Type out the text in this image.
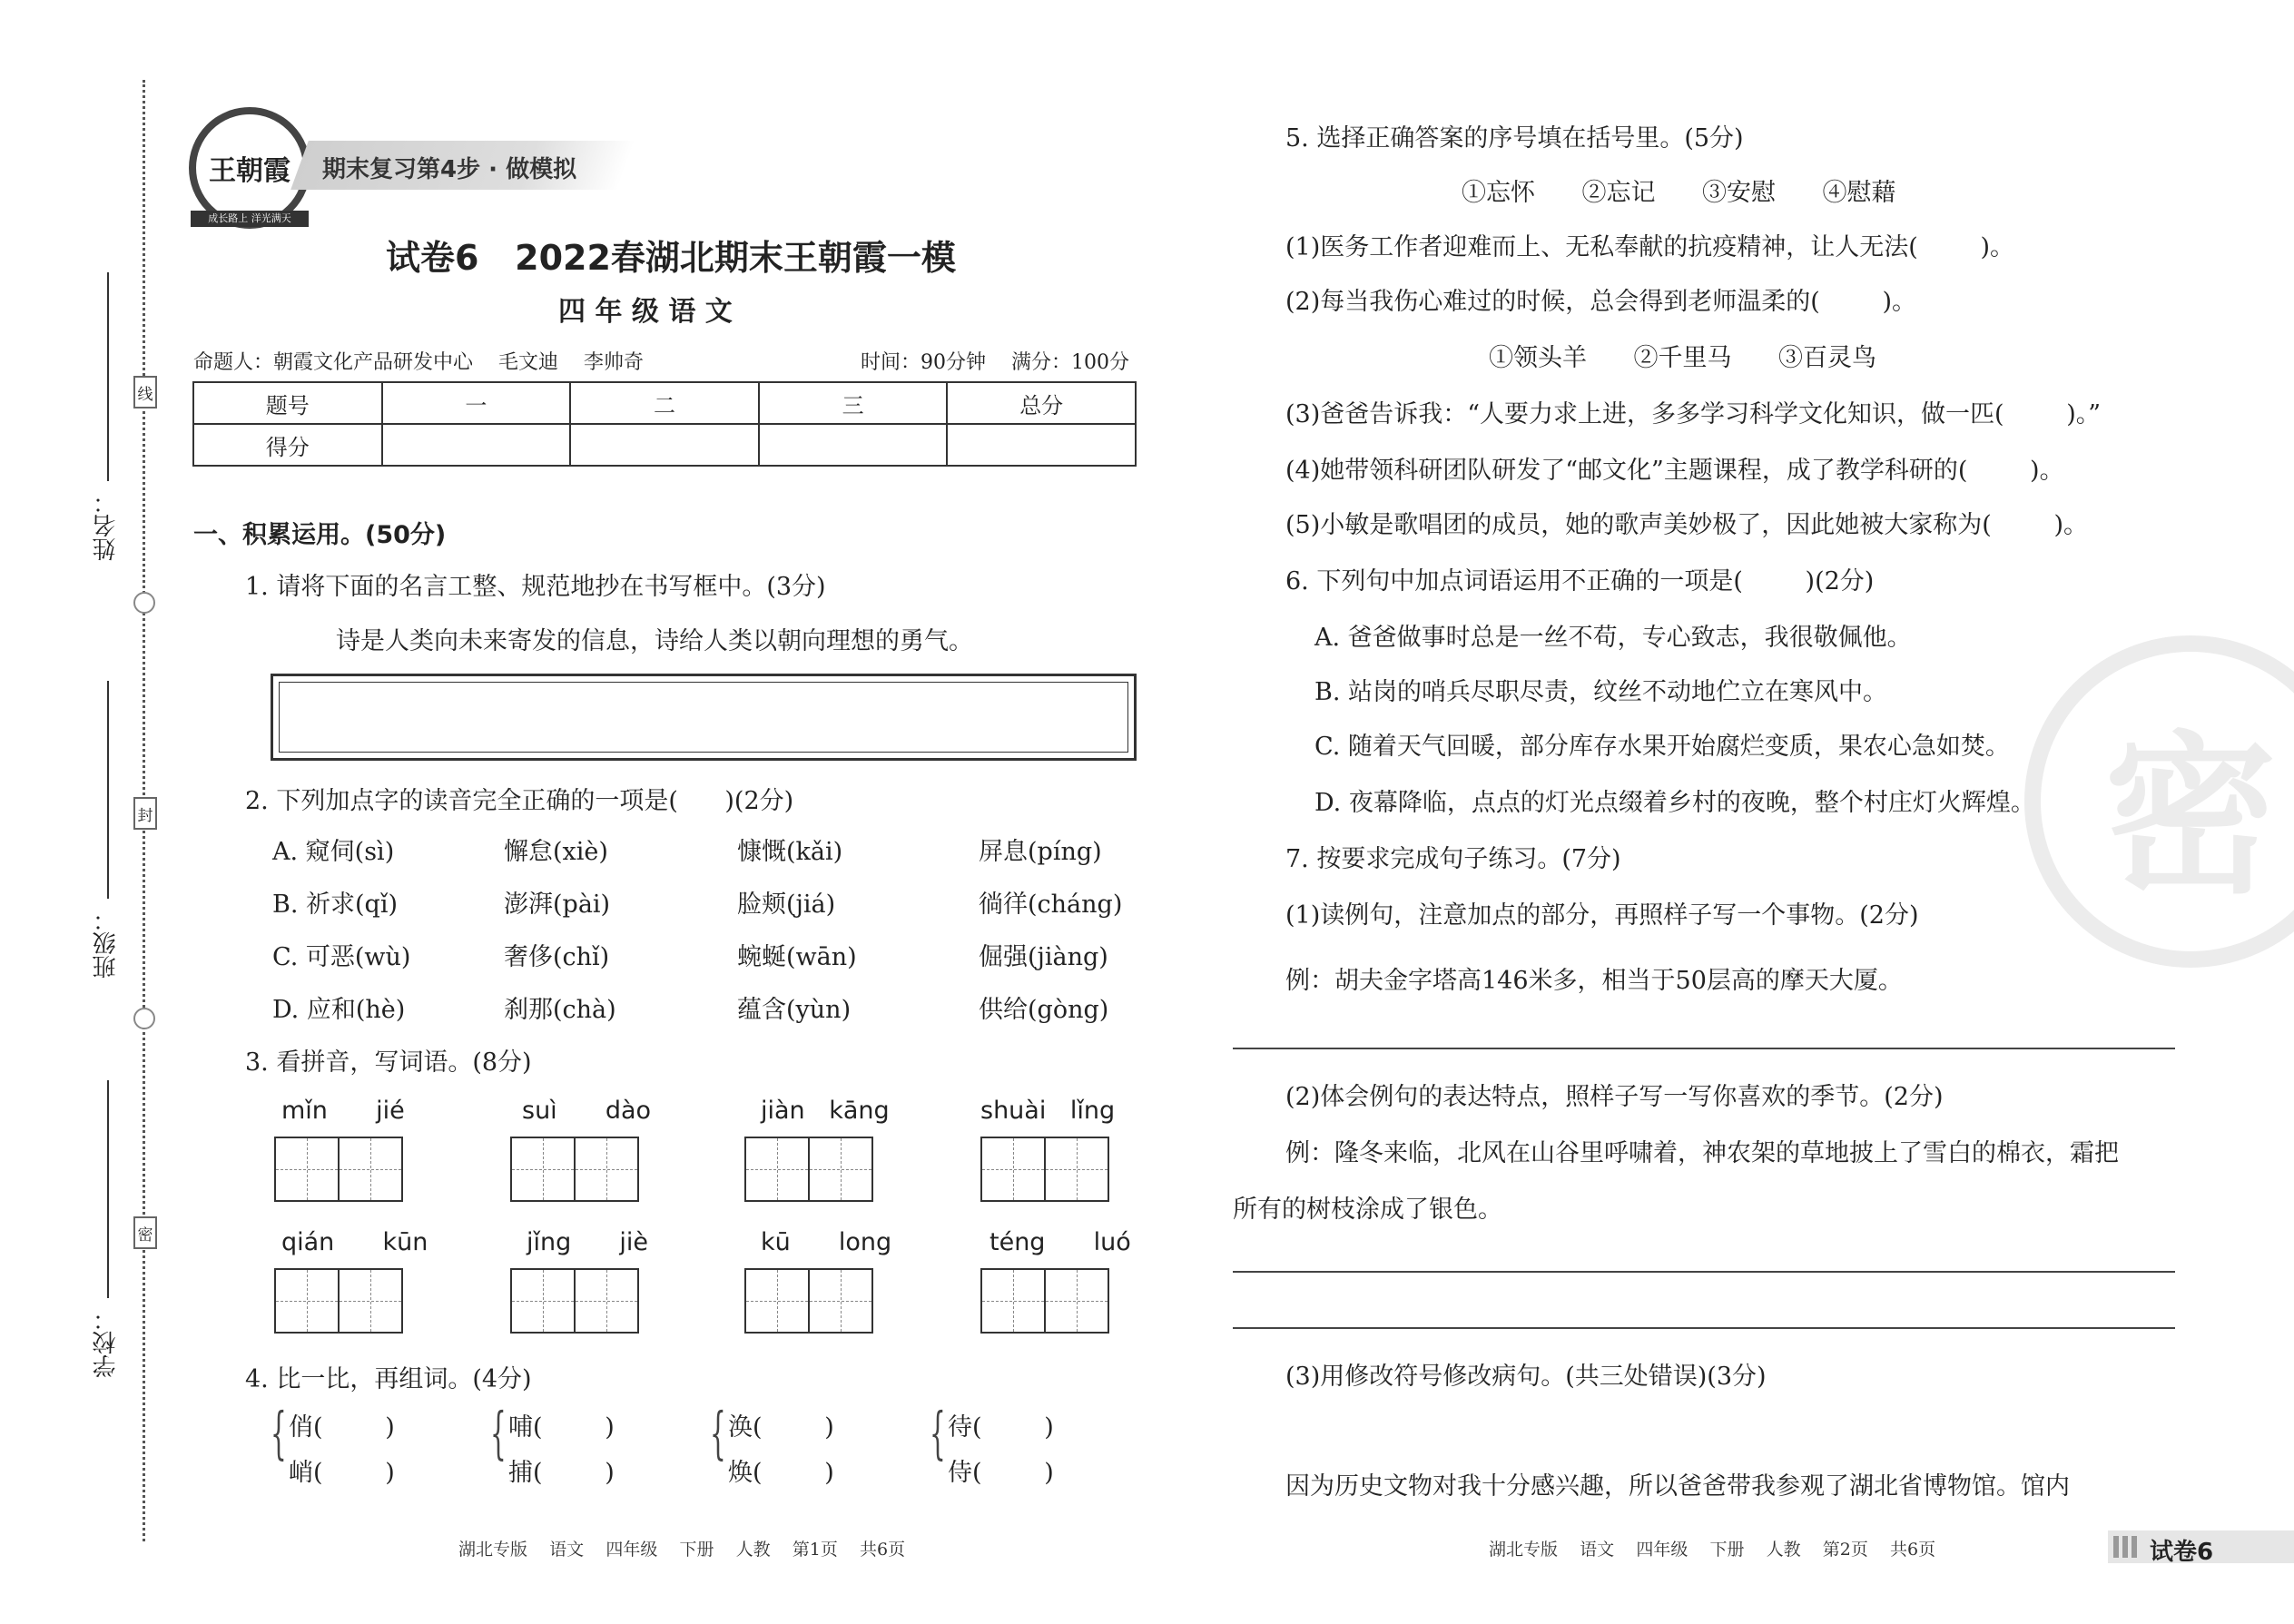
线
封
密
姓名：
班级：
学校：
王朝霞
成长路上 洋光满天
期末复习第4步 · 做模拟
试卷6   2022春湖北期末王朝霞一模
四 年 级 语 文
命题人：朝霞文化产品研发中心    毛文迪    李帅奇	时间：90分钟    满分：100分
题号	一	二	三	总分
得分				
一、积累运用。(50分)
1. 请将下面的名言工整、规范地抄在书写框中。(3分)
诗是人类向未来寄发的信息，诗给人类以朝向理想的勇气。
2. 下列加点字的读音完全正确的一项是(      )(2分)
A. 窥伺(sì)	懈怠(xiè)	慷慨(kǎi)	屏息(píng)
B. 祈求(qǐ)	澎湃(pài)	脸颊(jiá)	徜徉(cháng)
C. 可恶(wù)	奢侈(chǐ)	蜿蜒(wān)	倔强(jiàng)
D. 应和(hè)	刹那(chà)	蕴含(yùn)	供给(gòng)
3. 看拼音，写词语。(8分)
mǐn  jié	suì  dào	jiàn kāng	shuài lǐng
qián  kūn	jǐng  jiè	kū  long	téng  luó
4. 比一比，再组词。(4分)
{ 俏(        )
峭(        )
{ 哺(        )
捕(        )
{ 涣(        )
焕(        )
{ 待(        )
侍(        )
湖北专版    语文    四年级    下册    人教    第1页    共6页
密
5. 选择正确答案的序号填在括号里。(5分)
①忘怀      ②忘记      ③安慰      ④慰藉
(1)医务工作者迎难而上、无私奉献的抗疫精神，让人无法(        )。
(2)每当我伤心难过的时候，总会得到老师温柔的(        )。
①领头羊      ②千里马      ③百灵鸟
(3)爸爸告诉我：“人要力求上进，多多学习科学文化知识，做一匹(        )。”
(4)她带领科研团队研发了“邮文化”主题课程，成了教学科研的(        )。
(5)小敏是歌唱团的成员，她的歌声美妙极了，因此她被大家称为(        )。
6. 下列句中加点词语运用不正确的一项是(        )(2分)
A. 爸爸做事时总是一丝不苟，专心致志，我很敬佩他。
B. 站岗的哨兵尽职尽责，纹丝不动地伫立在寒风中。
C. 随着天气回暖，部分库存水果开始腐烂变质，果农心急如焚。
D. 夜幕降临，点点的灯光点缀着乡村的夜晚，整个村庄灯火辉煌。
7. 按要求完成句子练习。(7分)
(1)读例句，注意加点的部分，再照样子写一个事物。(2分)
例：胡夫金字塔高146米多，相当于50层高的摩天大厦。
(2)体会例句的表达特点，照样子写一写你喜欢的季节。(2分)
例：隆冬来临，北风在山谷里呼啸着，神农架的草地披上了雪白的棉衣，霜把
所有的树枝涂成了银色。
(3)用修改符号修改病句。(共三处错误)(3分)
因为历史文物对我十分感兴趣，所以爸爸带我参观了湖北省博物馆。馆内
湖北专版    语文    四年级    下册    人教    第2页    共6页	试卷6
